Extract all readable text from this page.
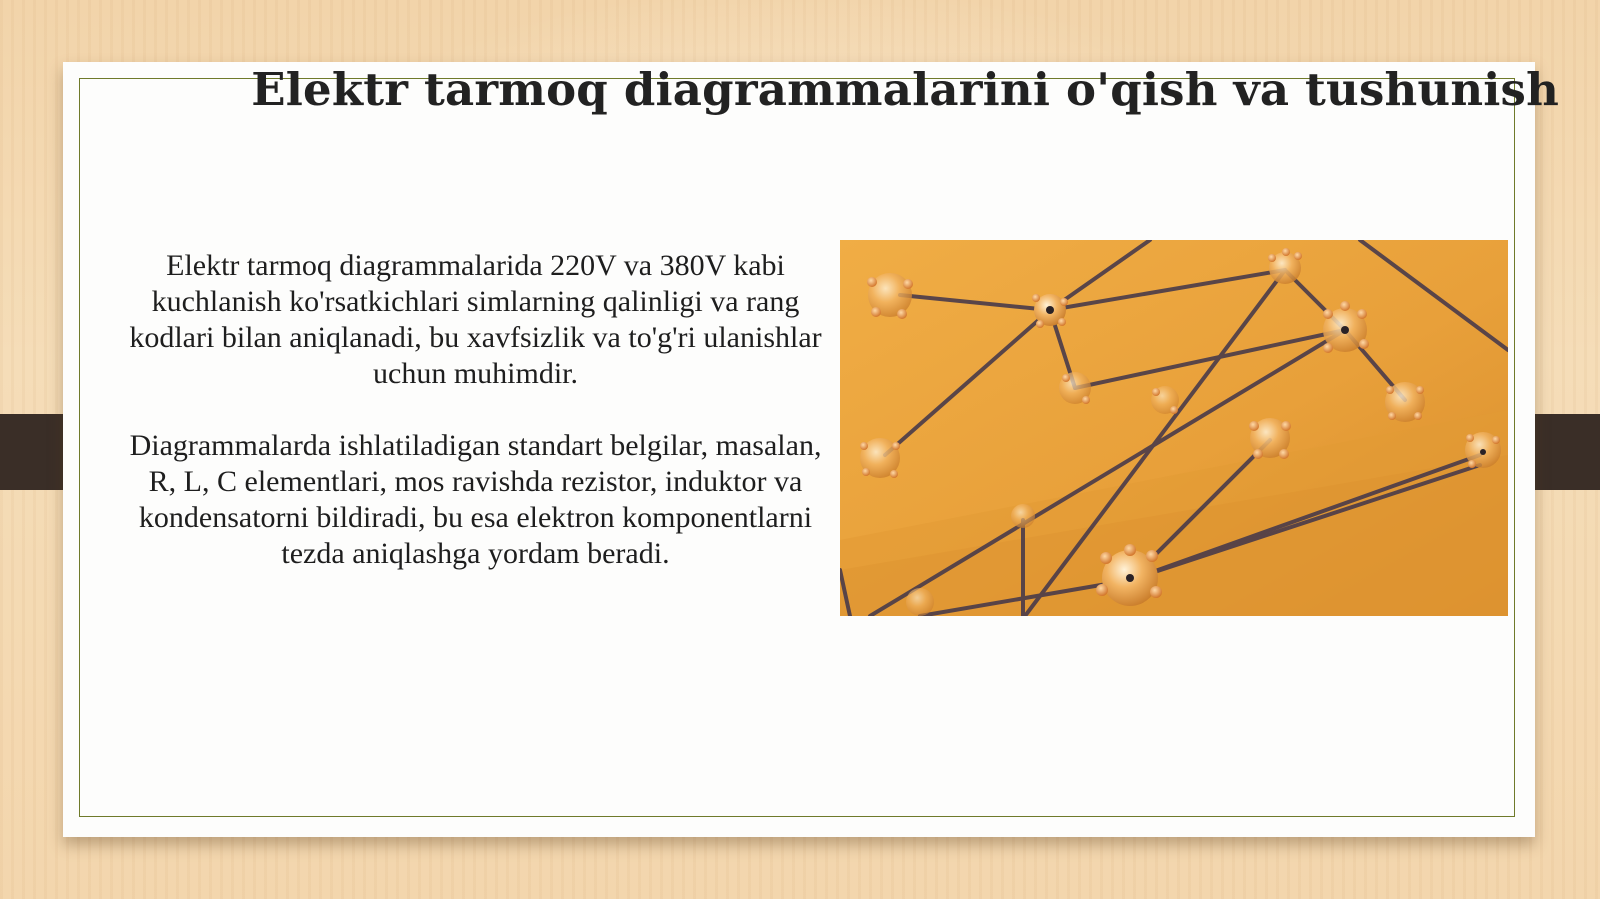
Elektr tarmoq diagrammalarini o'qish va tushunish

Elektr tarmoq diagrammalarida 220V va 380V kabi kuchlanish ko'rsatkichlari simlarning qalinligi va rang kodlari bilan aniqlanadi, bu xavfsizlik va to'g'ri ulanishlar uchun muhimdir.

Diagrammalarda ishlatiladigan standart belgilar, masalan, R, L, C elementlari, mos ravishda rezistor, induktor va kondensatorni bildiradi, bu esa elektron komponentlarni tezda aniqlashga yordam beradi.
